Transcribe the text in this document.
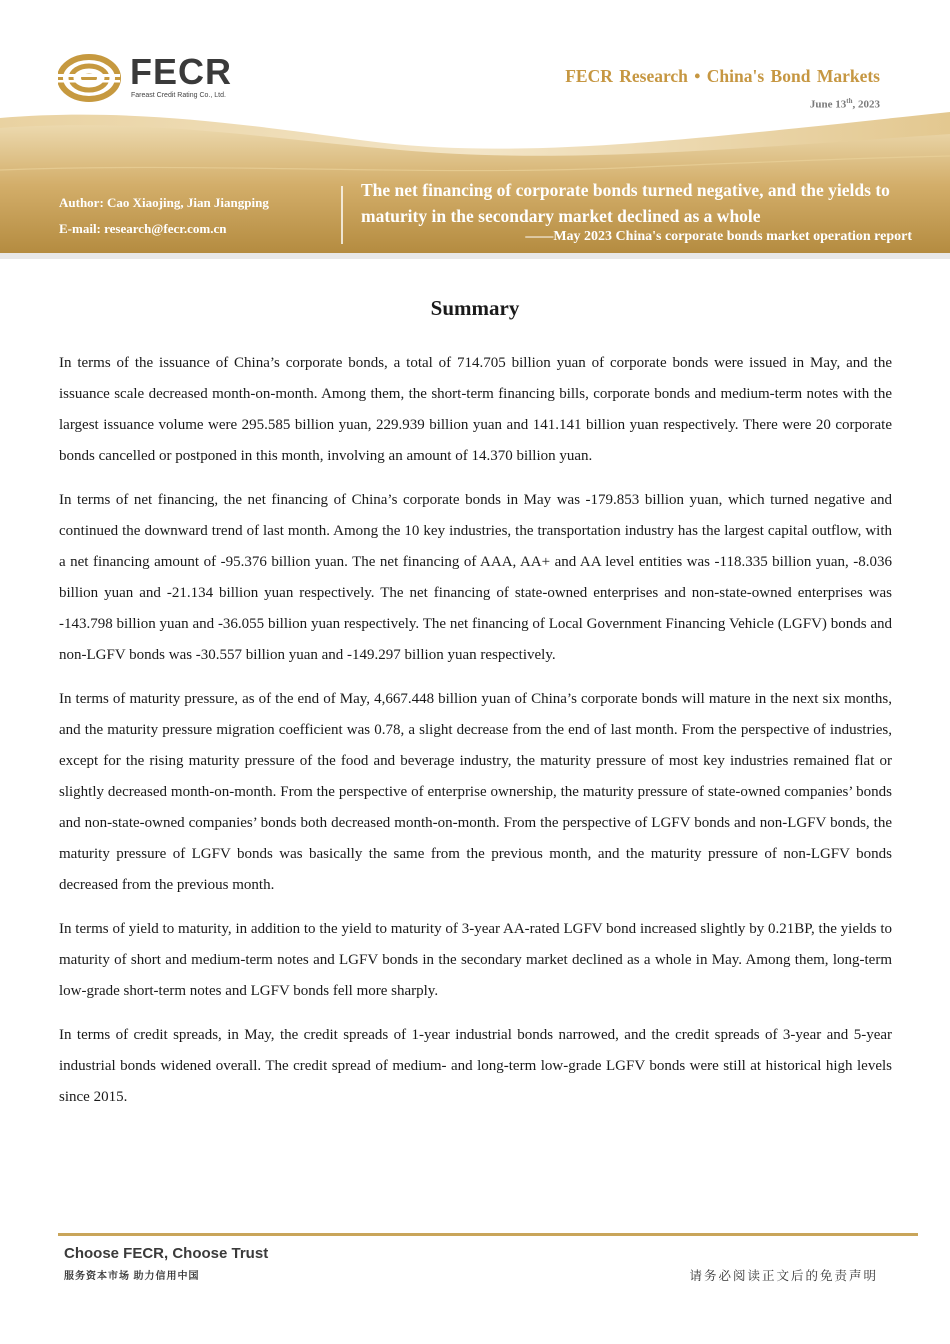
FECR
Fareast Credit Rating Co., Ltd.
FECR Research • China's Bond Markets
June 13th, 2023
Author: Cao Xiaojing, Jian Jiangping
E-mail: research@fecr.com.cn
The net financing of corporate bonds turned negative, and the yields to maturity in the secondary market declined as a whole
——May 2023 China's corporate bonds market operation report
Summary

In terms of the issuance of China’s corporate bonds, a total of 714.705 billion yuan of corporate bonds were issued in May, and the issuance scale decreased month-on-month. Among them, the short-term financing bills, corporate bonds and medium-term notes with the largest issuance volume were 295.585 billion yuan, 229.939 billion yuan and 141.141 billion yuan respectively. There were 20 corporate bonds cancelled or postponed in this month, involving an amount of 14.370 billion yuan.

In terms of net financing, the net financing of China’s corporate bonds in May was -179.853 billion yuan, which turned negative and continued the downward trend of last month. Among the 10 key industries, the transportation industry has the largest capital outflow, with a net financing amount of -95.376 billion yuan. The net financing of AAA, AA+ and AA level entities was -118.335 billion yuan, -8.036 billion yuan and -21.134 billion yuan respectively. The net financing of state-owned enterprises and non-state-owned enterprises was -143.798 billion yuan and -36.055 billion yuan respectively. The net financing of Local Government Financing Vehicle (LGFV) bonds and non-LGFV bonds was -30.557 billion yuan and -149.297 billion yuan respectively.

In terms of maturity pressure, as of the end of May, 4,667.448 billion yuan of China’s corporate bonds will mature in the next six months, and the maturity pressure migration coefficient was 0.78, a slight decrease from the end of last month. From the perspective of industries, except for the rising maturity pressure of the food and beverage industry, the maturity pressure of most key industries remained flat or slightly decreased month-on-month. From the perspective of enterprise ownership, the maturity pressure of state-owned companies’ bonds and non-state-owned companies’ bonds both decreased month-on-month. From the perspective of LGFV bonds and non-LGFV bonds, the maturity pressure of LGFV bonds was basically the same from the previous month, and the maturity pressure of non-LGFV bonds decreased from the previous month.

In terms of yield to maturity, in addition to the yield to maturity of 3-year AA-rated LGFV bond increased slightly by 0.21BP, the yields to maturity of short and medium-term notes and LGFV bonds in the secondary market declined as a whole in May. Among them, long-term low-grade short-term notes and LGFV bonds fell more sharply.

In terms of credit spreads, in May, the credit spreads of 1-year industrial bonds narrowed, and the credit spreads of 3-year and 5-year industrial bonds widened overall. The credit spread of medium- and long-term low-grade LGFV bonds were still at historical high levels since 2015.

Choose FECR, Choose Trust
服务资本市场 助力信用中国	请务必阅读正文后的免责声明
